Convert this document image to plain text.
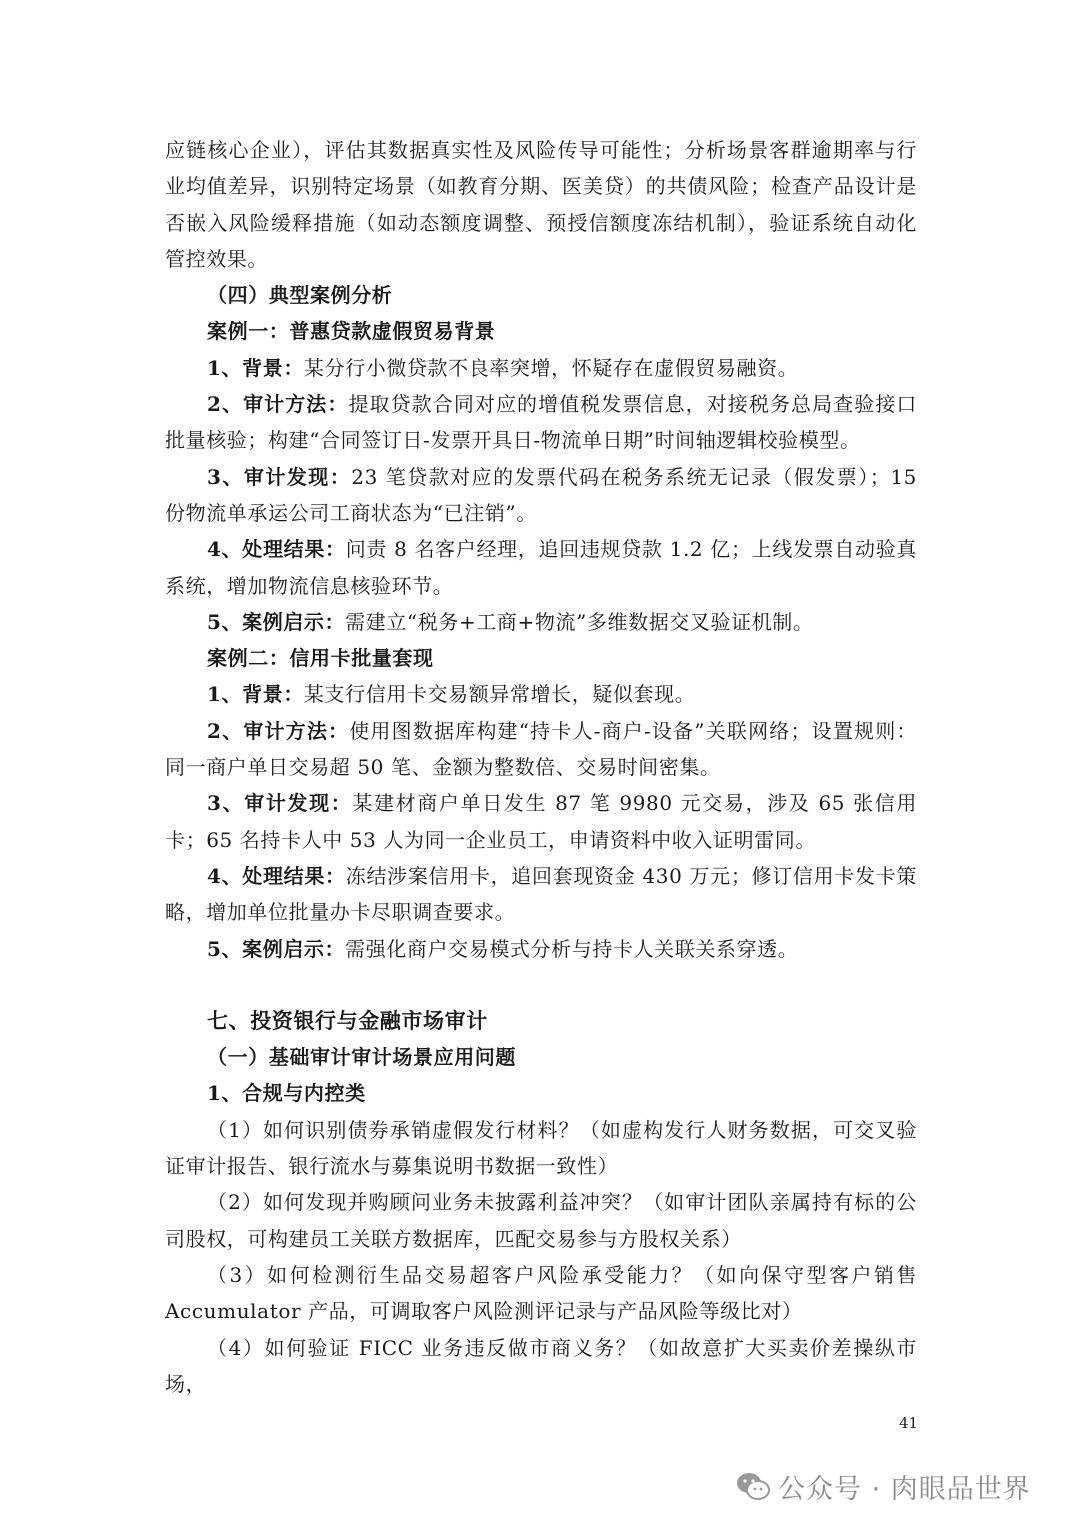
应链核心企业），评估其数据真实性及风险传导可能性；分析场景客群逾期率与行业均值差异，识别特定场景（如教育分期、医美贷）的共债风险；检查产品设计是否嵌入风险缓释措施（如动态额度调整、预授信额度冻结机制），验证系统自动化管控效果。

（四）典型案例分析

案例一：普惠贷款虚假贸易背景

1、背景：某分行小微贷款不良率突增，怀疑存在虚假贸易融资。

2、审计方法：提取贷款合同对应的增值税发票信息，对接税务总局查验接口批量核验；构建“合同签订日-发票开具日-物流单日期”时间轴逻辑校验模型。

3、审计发现：23 笔贷款对应的发票代码在税务系统无记录（假发票）；15 份物流单承运公司工商状态为“已注销”。

4、处理结果：问责 8 名客户经理，追回违规贷款 1.2 亿；上线发票自动验真系统，增加物流信息核验环节。

5、案例启示：需建立“税务+工商+物流”多维数据交叉验证机制。

案例二：信用卡批量套现

1、背景：某支行信用卡交易额异常增长，疑似套现。

2、审计方法：使用图数据库构建“持卡人-商户-设备”关联网络；设置规则：同一商户单日交易超 50 笔、金额为整数倍、交易时间密集。

3、审计发现：某建材商户单日发生 87 笔 9980 元交易，涉及 65 张信用卡；65 名持卡人中 53 人为同一企业员工，申请资料中收入证明雷同。

4、处理结果：冻结涉案信用卡，追回套现资金 430 万元；修订信用卡发卡策略，增加单位批量办卡尽职调查要求。

5、案例启示：需强化商户交易模式分析与持卡人关联关系穿透。

七、投资银行与金融市场审计

（一）基础审计审计场景应用问题

1、合规与内控类

（1）如何识别债券承销虚假发行材料？（如虚构发行人财务数据，可交叉验证审计报告、银行流水与募集说明书数据一致性）

（2）如何发现并购顾问业务未披露利益冲突？（如审计团队亲属持有标的公司股权，可构建员工关联方数据库，匹配交易参与方股权关系）

（3）如何检测衍生品交易超客户风险承受能力？（如向保守型客户销售 Accumulator 产品，可调取客户风险测评记录与产品风险等级比对）

（4）如何验证 FICC 业务违反做市商义务？（如故意扩大买卖价差操纵市场，

41
公众号 · 肉眼品世界
